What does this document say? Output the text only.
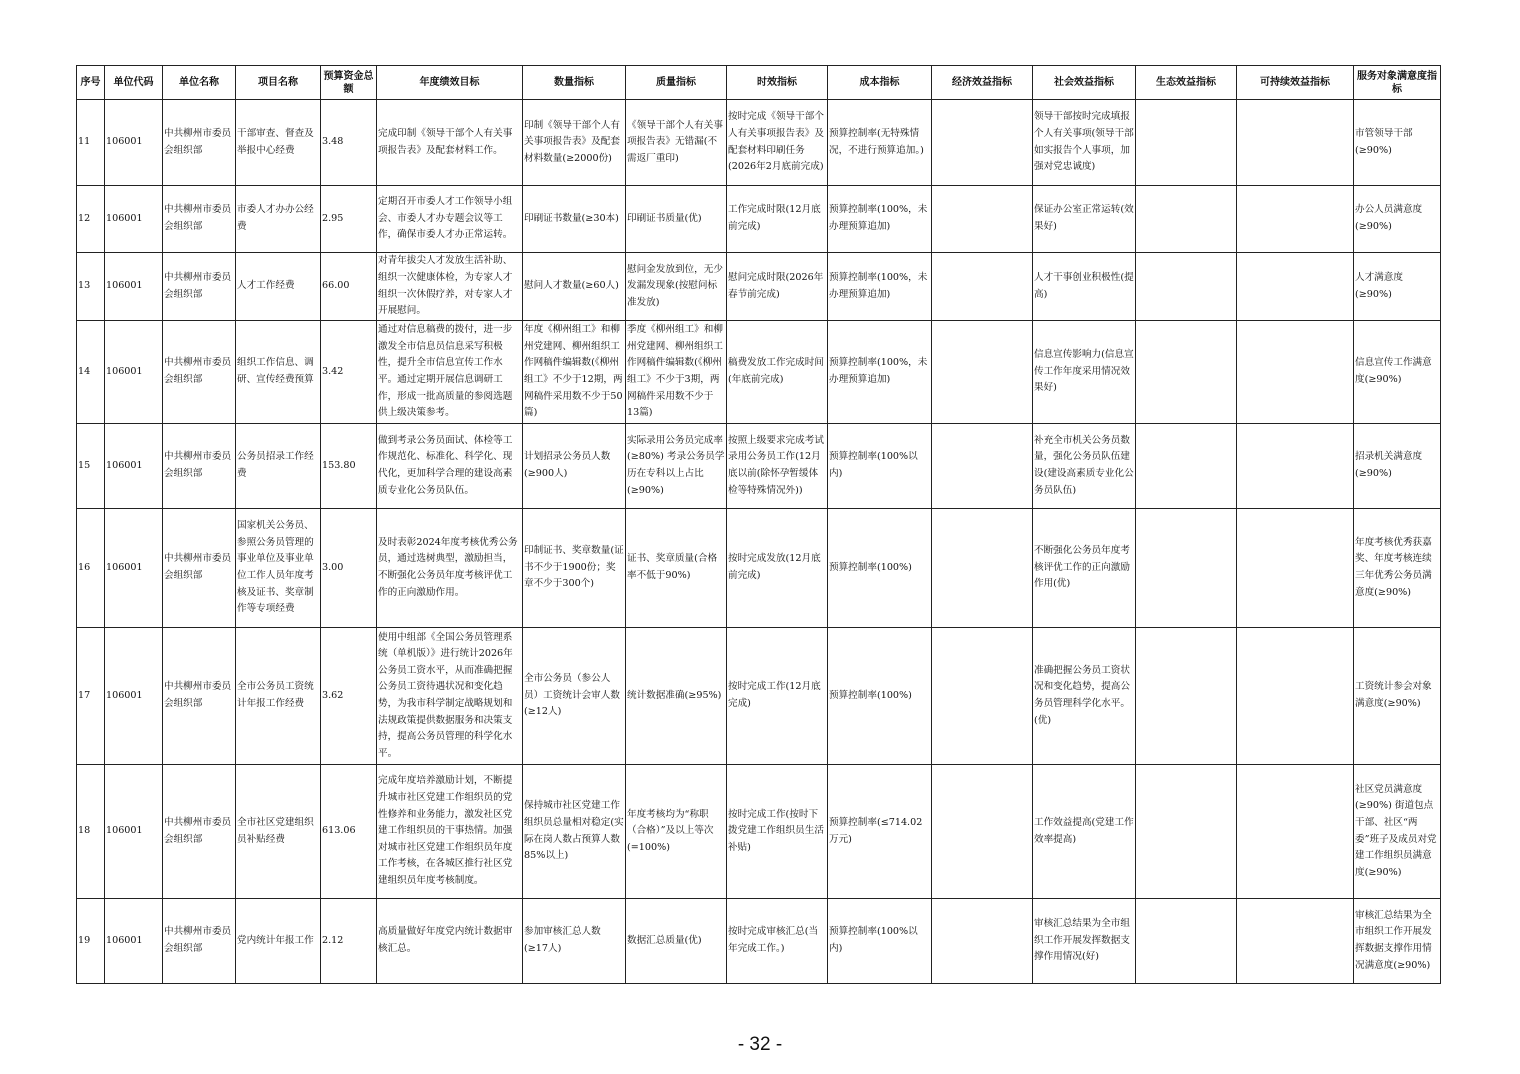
序号	单位代码	单位名称	项目名称	预算资金总额	年度绩效目标	数量指标	质量指标	时效指标	成本指标	经济效益指标	社会效益指标	生态效益指标	可持续效益指标	服务对象满意度指标
11	106001	中共柳州市委员会组织部	干部审查、督查及举报中心经费	3.48	完成印制《领导干部个人有关事项报告表》及配套材料工作。	印制《领导干部个人有关事项报告表》及配套材料数量(≥2000份)	《领导干部个人有关事项报告表》无错漏(不需返厂重印)	按时完成《领导干部个人有关事项报告表》及配套材料印刷任务(2026年2月底前完成)	预算控制率(无特殊情况，不进行预算追加。)		领导干部按时完成填报个人有关事项(领导干部如实报告个人事项，加强对党忠诚度)			市管领导干部(≥90%)
12	106001	中共柳州市委员会组织部	市委人才办办公经费	2.95	定期召开市委人才工作领导小组会、市委人才办专题会议等工作，确保市委人才办正常运转。	印刷证书数量(≥30本)	印刷证书质量(优)	工作完成时限(12月底前完成)	预算控制率(100%，未办理预算追加)		保证办公室正常运转(效果好)			办公人员满意度(≥90%)
13	106001	中共柳州市委员会组织部	人才工作经费	66.00	对青年拔尖人才发放生活补助、组织一次健康体检，为专家人才组织一次休假疗养，对专家人才开展慰问。	慰问人才数量(≥60人)	慰问金发放到位，无少发漏发现象(按慰问标准发放)	慰问完成时限(2026年春节前完成)	预算控制率(100%，未办理预算追加)		人才干事创业积极性(提高)			人才满意度(≥90%)
14	106001	中共柳州市委员会组织部	组织工作信息、调研、宣传经费预算	3.42	通过对信息稿费的拨付，进一步激发全市信息员信息采写积极性，提升全市信息宣传工作水平。通过定期开展信息调研工作，形成一批高质量的参阅选题供上级决策参考。	年度《柳州组工》和柳州党建网、柳州组织工作网稿件编辑数(《柳州组工》不少于12期，两网稿件采用数不少于50篇)	季度《柳州组工》和柳州党建网、柳州组织工作网稿件编辑数(《柳州组工》不少于3期，两网稿件采用数不少于13篇)	稿费发放工作完成时间(年底前完成)	预算控制率(100%，未办理预算追加)		信息宣传影响力(信息宣传工作年度采用情况效果好)			信息宣传工作满意度(≥90%)
15	106001	中共柳州市委员会组织部	公务员招录工作经费	153.80	做到考录公务员面试、体检等工作规范化、标准化、科学化、现代化，更加科学合理的建设高素质专业化公务员队伍。	计划招录公务员人数(≥900人)	实际录用公务员完成率(≥80%) 考录公务员学历在专科以上占比(≥90%)	按照上级要求完成考试录用公务员工作(12月底以前(除怀孕暂缓体检等特殊情况外))	预算控制率(100%以内)		补充全市机关公务员数量，强化公务员队伍建设(建设高素质专业化公务员队伍)			招录机关满意度(≥90%)
16	106001	中共柳州市委员会组织部	国家机关公务员、参照公务员管理的事业单位及事业单位工作人员年度考核及证书、奖章制作等专项经费	3.00	及时表彰2024年度考核优秀公务员，通过选树典型，激励担当，不断强化公务员年度考核评优工作的正向激励作用。	印制证书、奖章数量(证书不少于1900份；奖章不少于300个)	证书、奖章质量(合格率不低于90%)	按时完成发放(12月底前完成)	预算控制率(100%)		不断强化公务员年度考核评优工作的正向激励作用(优)			年度考核优秀获嘉奖、年度考核连续三年优秀公务员满意度(≥90%)
17	106001	中共柳州市委员会组织部	全市公务员工资统计年报工作经费	3.62	使用中组部《全国公务员管理系统（单机版）》进行统计2026年公务员工资水平，从而准确把握公务员工资待遇状况和变化趋势，为我市科学制定战略规划和法规政策提供数据服务和决策支持，提高公务员管理的科学化水平。	全市公务员（参公人员）工资统计会审人数(≥12人)	统计数据准确(≥95%)	按时完成工作(12月底完成)	预算控制率(100%)		准确把握公务员工资状况和变化趋势，提高公务员管理科学化水平。(优)			工资统计参会对象满意度(≥90%)
18	106001	中共柳州市委员会组织部	全市社区党建组织员补贴经费	613.06	完成年度培养激励计划，不断提升城市社区党建工作组织员的党性修养和业务能力，激发社区党建工作组织员的干事热情。加强对城市社区党建工作组织员年度工作考核，在各城区推行社区党建组织员年度考核制度。	保持城市社区党建工作组织员总量相对稳定(实际在岗人数占预算人数85%以上)	年度考核均为“称职（合格）”及以上等次(=100%)	按时完成工作(按时下拨党建工作组织员生活补贴)	预算控制率(≤714.02万元)		工作效益提高(党建工作效率提高)			社区党员满意度(≥90%) 街道包点干部、社区“两委”班子及成员对党建工作组织员满意度(≥90%)
19	106001	中共柳州市委员会组织部	党内统计年报工作	2.12	高质量做好年度党内统计数据审核汇总。	参加审核汇总人数(≥17人)	数据汇总质量(优)	按时完成审核汇总(当年完成工作。)	预算控制率(100%以内)		审核汇总结果为全市组织工作开展发挥数据支撑作用情况(好)			审核汇总结果为全市组织工作开展发挥数据支撑作用情况满意度(≥90%)
- 32 -
